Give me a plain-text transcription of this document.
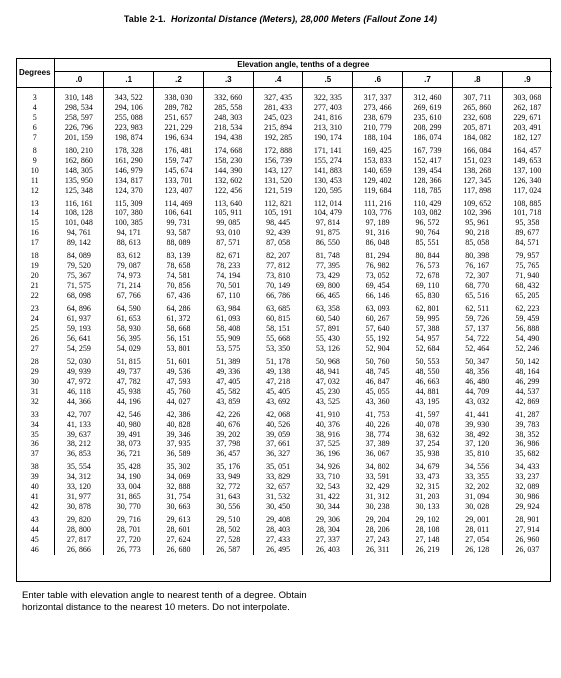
Table 2-1. Horizontal Distance (Meters), 28,000 Meters (Fallout Zone 14)
Degrees	Elevation angle, tenths of a degree									
	.0	.1	.2	.3	.4	.5	.6	.7	.8	.9

3	310, 148	343, 522	338, 030	332, 660	327, 435	322, 335	317, 337	312, 460	307, 711	303, 068
4	298, 534	294, 106	289, 782	285, 558	281, 433	277, 403	273, 466	269, 619	265, 860	262, 187
5	258, 597	255, 088	251, 657	248, 303	245, 023	241, 816	238, 679	235, 610	232, 608	229, 671
6	226, 796	223, 983	221, 229	218, 534	215, 894	213, 310	210, 779	208, 299	205, 871	203, 491
7	201, 159	198, 874	196, 634	194, 438	192, 285	190, 174	188, 104	186, 074	184, 082	182, 127
8	180, 210	178, 328	176, 481	174, 668	172, 888	171, 141	169, 425	167, 739	166, 084	164, 457
9	162, 860	161, 290	159, 747	158, 230	156, 739	155, 274	153, 833	152, 417	151, 023	149, 653
10	148, 305	146, 979	145, 674	144, 390	143, 127	141, 883	140, 659	139, 454	138, 268	137, 100
11	135, 950	134, 817	133, 701	132, 602	131, 520	130, 453	129, 402	128, 366	127, 345	126, 340
12	125, 348	124, 370	123, 407	122, 456	121, 519	120, 595	119, 684	118, 785	117, 898	117, 024
13	116, 161	115, 309	114, 469	113, 640	112, 821	112, 014	111, 216	110, 429	109, 652	108, 885
14	108, 128	107, 380	106, 641	105, 911	105, 191	104, 479	103, 776	103, 082	102, 396	101, 718
15	101, 048	100, 385	99, 731	99, 085	98, 445	97, 814	97, 189	96, 572	95, 961	95, 358
16	94, 761	94, 171	93, 587	93, 010	92, 439	91, 875	91, 316	90, 764	90, 218	89, 677
17	89, 142	88, 613	88, 089	87, 571	87, 058	86, 550	86, 048	85, 551	85, 058	84, 571
18	84, 089	83, 612	83, 139	82, 671	82, 207	81, 748	81, 294	80, 844	80, 398	79, 957
19	79, 520	79, 087	78, 658	78, 233	77, 812	77, 395	76, 982	76, 573	76, 167	75, 765
20	75, 367	74, 973	74, 581	74, 194	73, 810	73, 429	73, 052	72, 678	72, 307	71, 940
21	71, 575	71, 214	70, 856	70, 501	70, 149	69, 800	69, 454	69, 110	68, 770	68, 432
22	68, 098	67, 766	67, 436	67, 110	66, 786	66, 465	66, 146	65, 830	65, 516	65, 205
23	64, 896	64, 590	64, 286	63, 984	63, 685	63, 358	63, 093	62, 801	62, 511	62, 223
24	61, 937	61, 653	61, 372	61, 093	60, 815	60, 540	60, 267	59, 995	59, 726	59, 459
25	59, 193	58, 930	58, 668	58, 408	58, 151	57, 891	57, 640	57, 388	57, 137	56, 888
26	56, 641	56, 395	56, 151	55, 909	55, 668	55, 430	55, 192	54, 957	54, 722	54, 490
27	54, 259	54, 029	53, 801	53, 575	53, 350	53, 126	52, 904	52, 684	52, 464	52, 246
28	52, 030	51, 815	51, 601	51, 389	51, 178	50, 968	50, 760	50, 553	50, 347	50, 142
29	49, 939	49, 737	49, 536	49, 336	49, 138	48, 941	48, 745	48, 550	48, 356	48, 164
30	47, 972	47, 782	47, 593	47, 405	47, 218	47, 032	46, 847	46, 663	46, 480	46, 299
31	46, 118	45, 938	45, 760	45, 582	45, 405	45, 230	45, 055	44, 881	44, 709	44, 537
32	44, 366	44, 196	44, 027	43, 859	43, 692	43, 525	43, 360	43, 195	43, 032	42, 869
33	42, 707	42, 546	42, 386	42, 226	42, 068	41, 910	41, 753	41, 597	41, 441	41, 287
34	41, 133	40, 980	40, 828	40, 676	40, 526	40, 376	40, 226	40, 078	39, 930	39, 783
35	39, 637	39, 491	39, 346	39, 202	39, 059	38, 916	38, 774	38, 632	38, 492	38, 352
36	38, 212	38, 073	37, 935	37, 798	37, 661	37, 525	37, 389	37, 254	37, 120	36, 986
37	36, 853	36, 721	36, 589	36, 457	36, 327	36, 196	36, 067	35, 938	35, 810	35, 682
38	35, 554	35, 428	35, 302	35, 176	35, 051	34, 926	34, 802	34, 679	34, 556	34, 433
39	34, 312	34, 190	34, 069	33, 949	33, 829	33, 710	33, 591	33, 473	33, 355	33, 237
40	33, 120	33, 004	32, 888	32, 772	32, 657	32, 543	32, 429	32, 315	32, 202	32, 089
41	31, 977	31, 865	31, 754	31, 643	31, 532	31, 422	31, 312	31, 203	31, 094	30, 986
42	30, 878	30, 770	30, 663	30, 556	30, 450	30, 344	30, 238	30, 133	30, 028	29, 924
43	29, 820	29, 716	29, 613	29, 510	29, 408	29, 306	29, 204	29, 102	29, 001	28, 901
44	28, 800	28, 701	28, 601	28, 502	28, 403	28, 304	28, 206	28, 108	28, 011	27, 914
45	27, 817	27, 720	27, 624	27, 528	27, 433	27, 337	27, 243	27, 148	27, 054	26, 960
46	26, 866	26, 773	26, 680	26, 587	26, 495	26, 403	26, 311	26, 219	26, 128	26, 037
Enter table with elevation angle to nearest tenth of a degree. Obtain horizontal distance to the nearest 10 meters. Do not interpolate.
